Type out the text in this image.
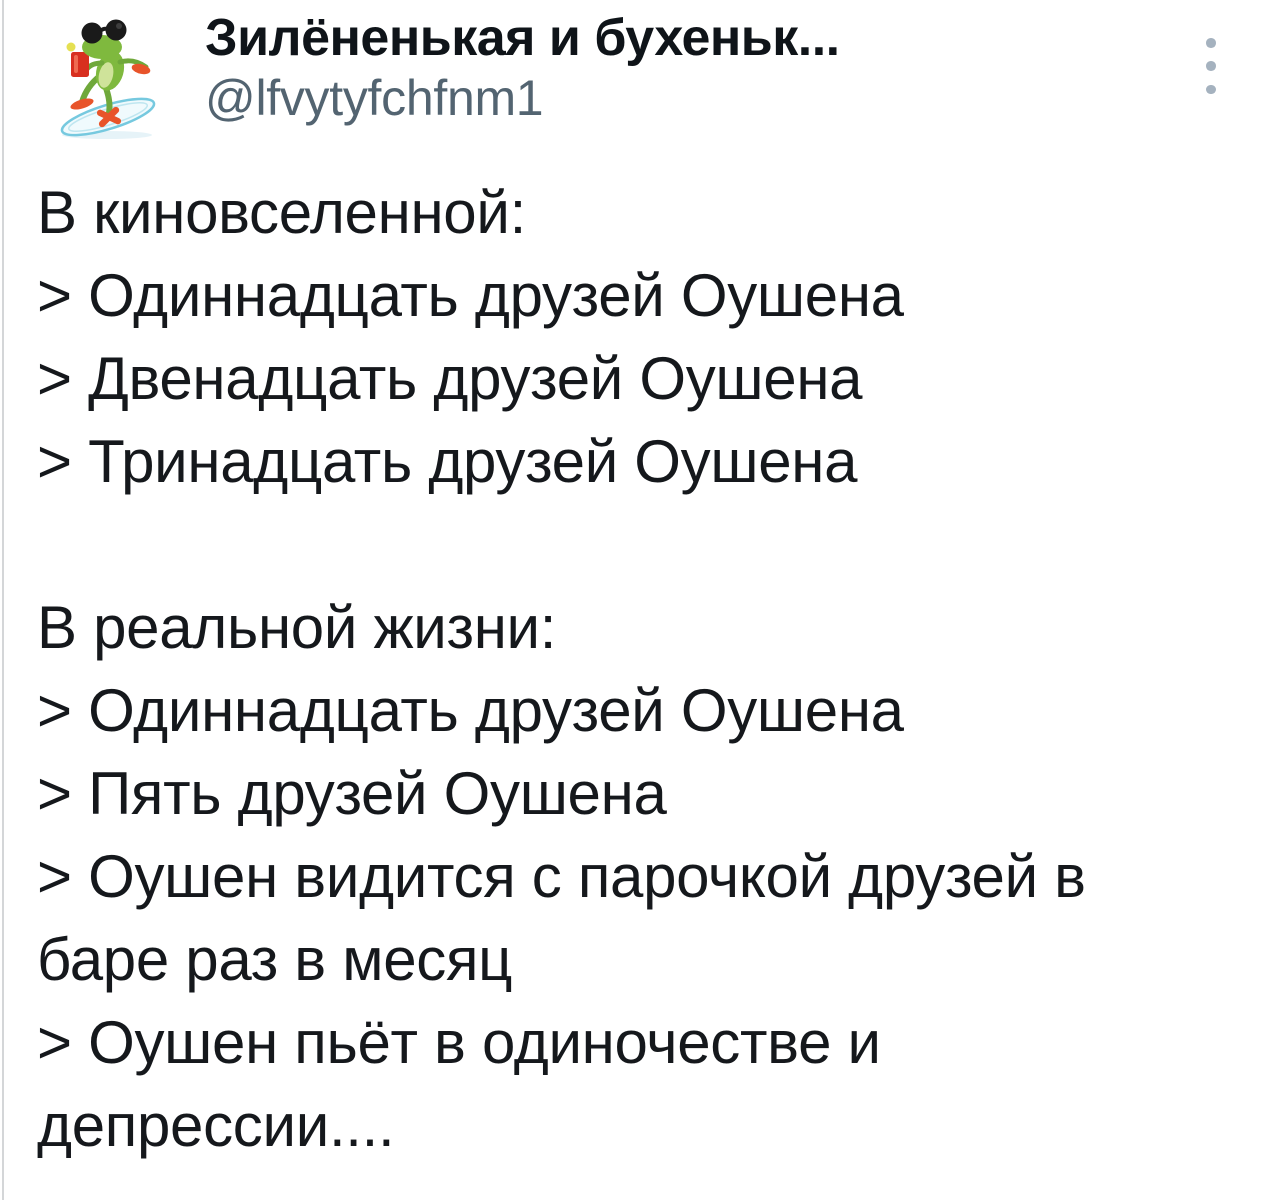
Зилёненькая и бухеньк...
@lfvytyfchfnm1
В киновселенной:
> Одиннадцать друзей Оушена
> Двенадцать друзей Оушена
> Тринадцать друзей Оушена

В реальной жизни:
> Одиннадцать друзей Оушена
> Пять друзей Оушена
> Оушен видится с парочкой друзей в
баре раз в месяц
> Оушен пьёт в одиночестве и
депрессии....
